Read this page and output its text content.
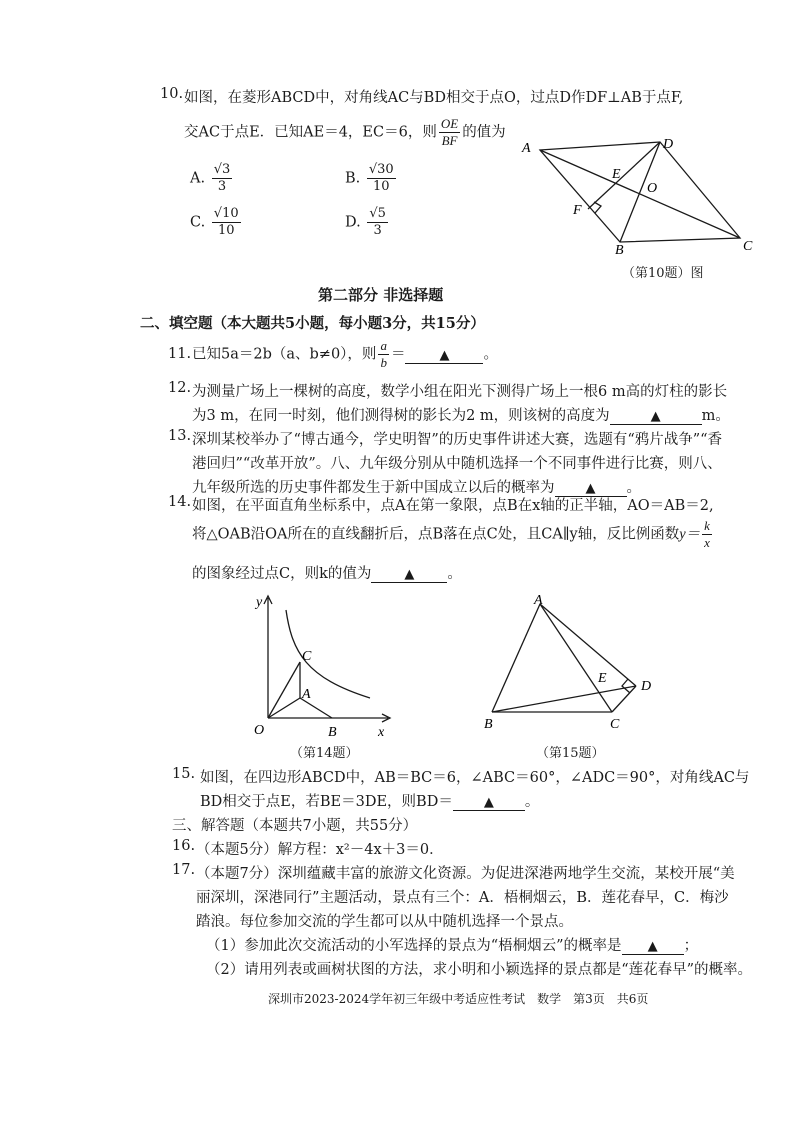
10. 如图，在菱形ABCD中，对角线AC与BD相交于点O，过点D作DF⊥AB于点F,
交AC于点E．已知AE＝4，EC＝6，则 $\frac{OE}{BF}$ 的值为
A. $\frac{√3}{3}$	B. $\frac{√30}{10}$
C. $\frac{√10}{10}$	D. $\frac{√5}{3}$
A	D
C
B
F
E
O
（第10题）图
第二部分 非选择题
二、填空题（本大题共5小题，每小题3分，共15分）
11. 已知5a＝2b（a、b≠0），则 $\frac{a}{b}$ ＝	▲ 。
12. 为测量广场上一棵树的高度，数学小组在阳光下测得广场上一根6 m高的灯柱的影长
为3 m，在同一时刻，他们测得树的影长为2 m，则该树的高度为	▲	m。
13. 深圳某校举办了“博古通今，学史明智”的历史事件讲述大赛，选题有“鸦片战争”“香
港回归”“改革开放”。八、九年级分别从中随机选择一个不同事件进行比赛，则八、
九年级所选的历史事件都发生于新中国成立以后的概率为 ▲ 。
14. 如图，在平面直角坐标系中，点A在第一象限，点B在x轴的正半轴，AO＝AB＝2,
将△OAB沿OA所在的直线翻折后，点B落在点C处，且CA∥y轴，反比例函数$y= \frac{k}{x}$
的图象经过点C，则k的值为	▲ 。
y
x
O	B
A
C
（第14题）
A
B	C
D
E
（第15题）
15. 如图，在四边形ABCD中，AB＝BC＝6，∠ABC＝60°，∠ADC＝90°，对角线AC与
BD相交于点E，若BE＝3DE，则BD＝ ▲ 。
三、解答题（本题共7小题，共55分）
16. （本题5分）解方程：x²－4x＋3＝0．
17. （本题7分）深圳蕴藏丰富的旅游文化资源。为促进深港两地学生交流，某校开展“美
丽深圳，深港同行”主题活动，景点有三个：A．梧桐烟云，B．莲花春早，C．梅沙
踏浪。每位参加交流的学生都可以从中随机选择一个景点。
（1）参加此次交流活动的小军选择的景点为“梧桐烟云”的概率是 ▲ ；
（2）请用列表或画树状图的方法，求小明和小颖选择的景点都是“莲花春早”的概率。
深圳市2023-2024学年初三年级中考适应性考试　数学　第3页　共6页
